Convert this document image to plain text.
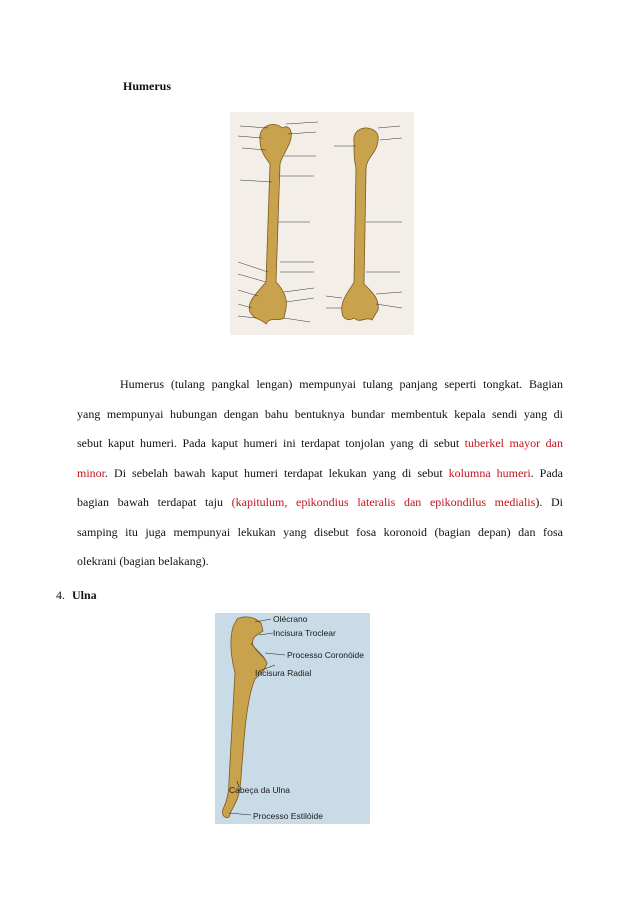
Humerus
Humerus (tulang pangkal lengan) mempunyai tulang panjang seperti tongkat. Bagian
yang mempunyai hubungan dengan bahu bentuknya bundar membentuk kepala sendi yang di
sebut kaput humeri. Pada kaput humeri ini terdapat tonjolan yang di sebut tuberkel mayor dan
minor. Di sebelah bawah kaput humeri terdapat lekukan yang di sebut kolumna humeri. Pada
bagian bawah terdapat taju (kapitulum, epikondius lateralis dan epikondilus medialis). Di
samping itu juga mempunyai lekukan yang disebut fosa koronoid (bagian depan) dan fosa
olekrani (bagian belakang).
4. Ulna
Olécrano
Incisura Troclear
Processo Coronóide
Incisura Radial
Cabeça da Ulna
Processo Estilóide
